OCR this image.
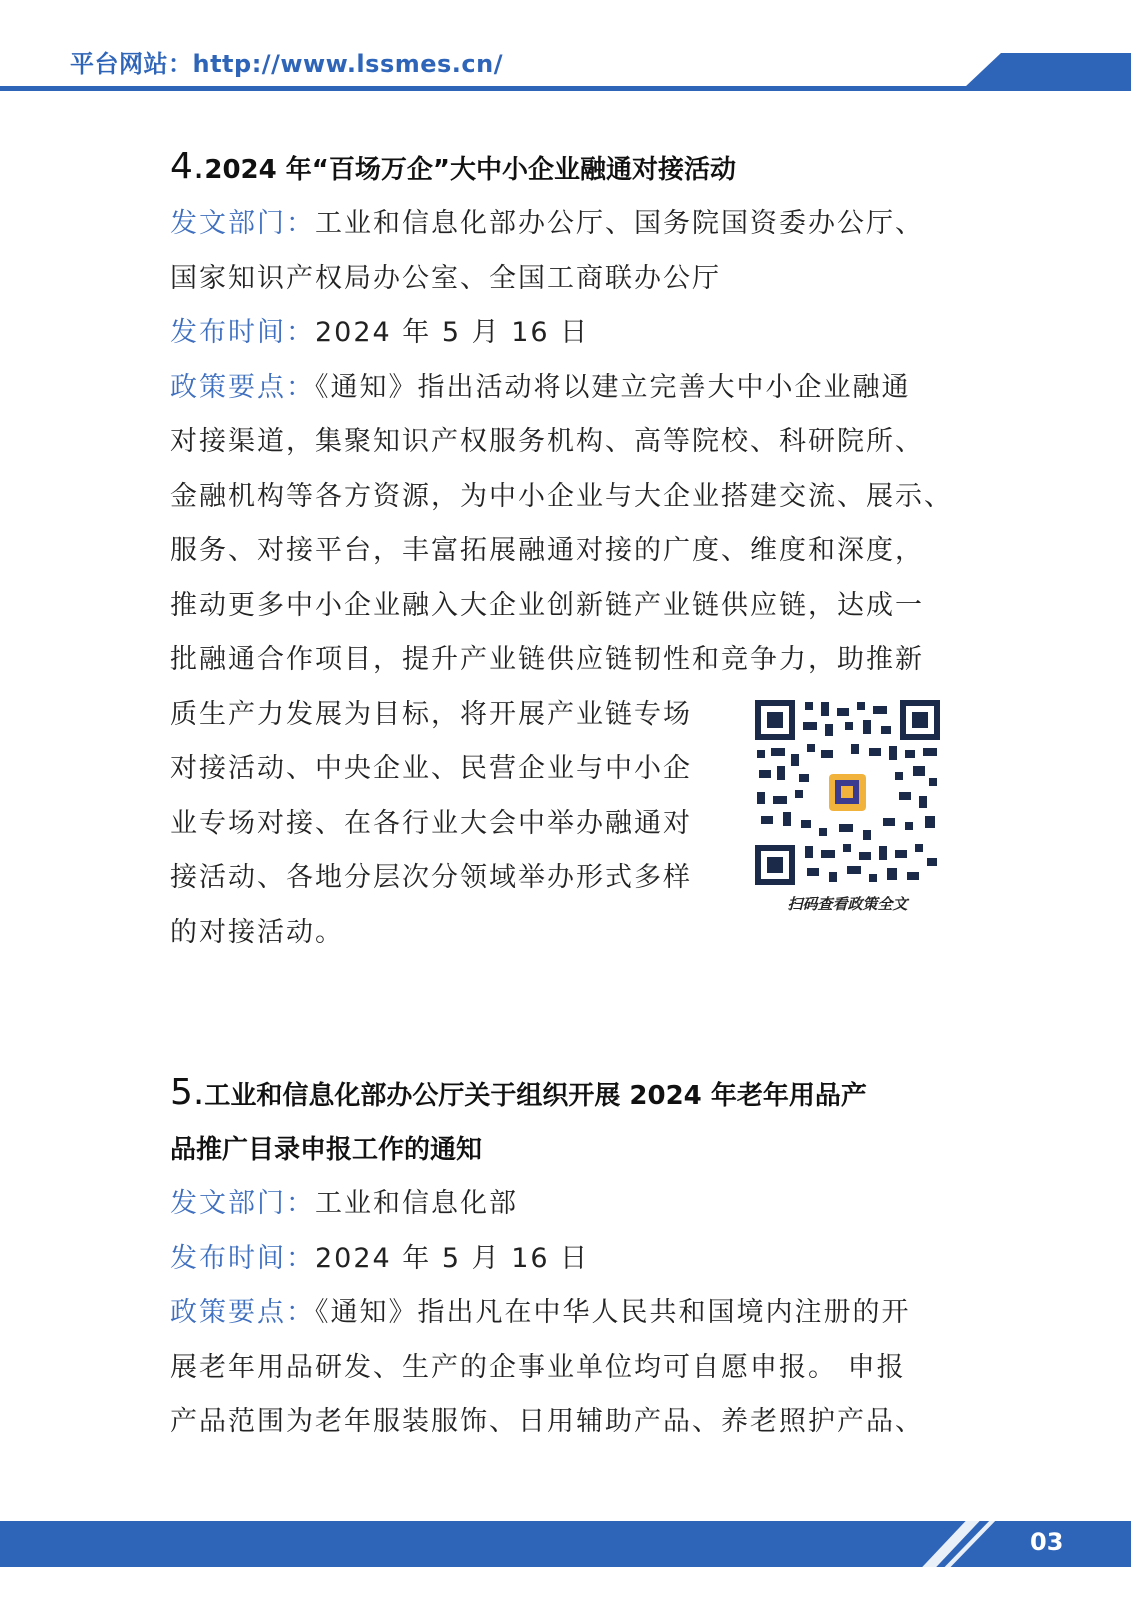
平台网站：http://www.lssmes.cn/

4.2024 年“百场万企”大中小企业融通对接活动

发文部门：工业和信息化部办公厅、国务院国资委办公厅、

国家知识产权局办公室、全国工商联办公厅

发布时间：2024 年 5 月 16 日

政策要点：《通知》指出活动将以建立完善大中小企业融通

对接渠道，集聚知识产权服务机构、高等院校、科研院所、

金融机构等各方资源，为中小企业与大企业搭建交流、展示、

服务、对接平台，丰富拓展融通对接的广度、维度和深度，

推动更多中小企业融入大企业创新链产业链供应链，达成一

批融通合作项目，提升产业链供应链韧性和竞争力，助推新

质生产力发展为目标，将开展产业链专场

对接活动、中央企业、民营企业与中小企

业专场对接、在各行业大会中举办融通对

接活动、各地分层次分领域举办形式多样

的对接活动。

5.工业和信息化部办公厅关于组织开展 2024 年老年用品产

品推广目录申报工作的通知

发文部门：工业和信息化部

发布时间：2024 年 5 月 16 日

政策要点：《通知》指出凡在中华人民共和国境内注册的开

展老年用品研发、生产的企事业单位均可自愿申报。 申报

产品范围为老年服装服饰、日用辅助产品、养老照护产品、

扫码查看政策全文
03
